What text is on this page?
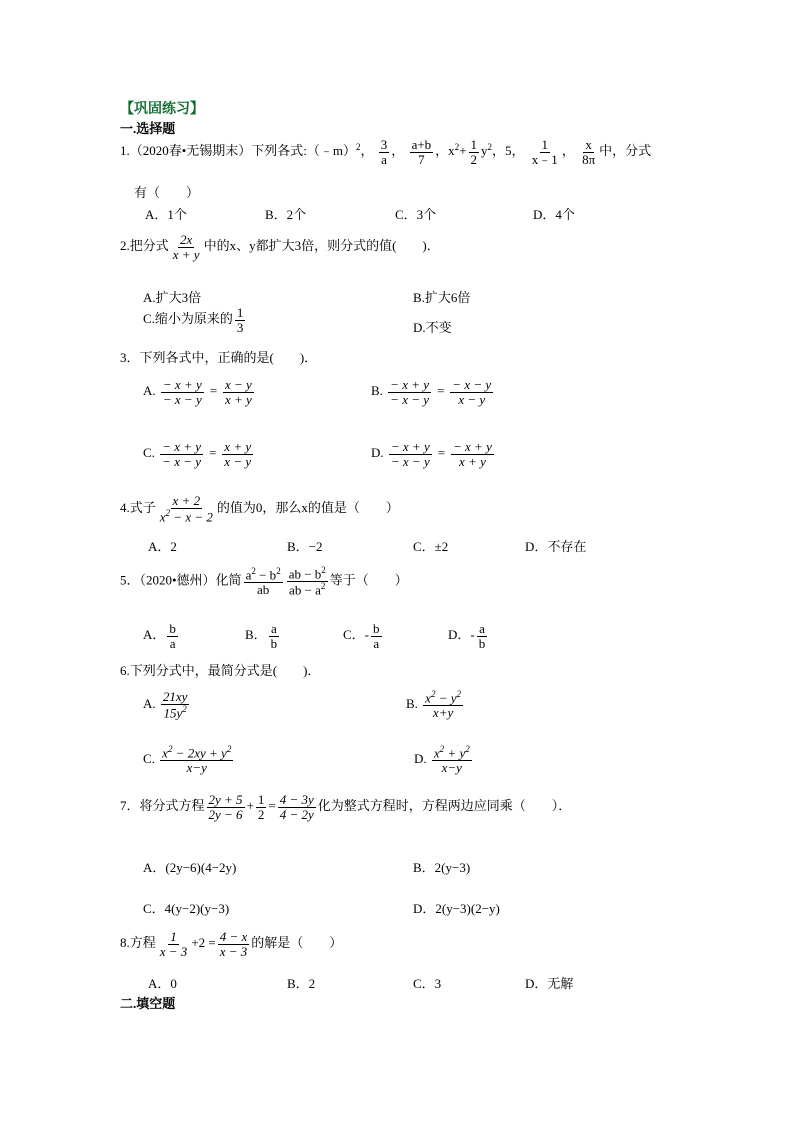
【巩固练习】
一.选择题
1.（2020春•无锡期末）下列各式:（﹣m）$^2$， $\frac{3}{a}$ ， $\frac{a+b}{7}$ ，$x^2+ \frac{1}{2} y^2$，5， $\frac{1}{x﹣1}$ ， $\frac{x}{8\pi}$ 中，分式
有（　　）
A．1个	B．2个	C．3个	D．4个
2.把分式 $\frac{2x}{x + y}$ 中的x、y都扩大3倍，则分式的值(　　)．
A.扩大3倍	B.扩大6倍
C.缩小为原来的 $\frac{1}{3}$	D.不变
3．下列各式中，正确的是(　　)．
A. $\frac{- x + y}{- x - y} = \frac{x - y}{x + y}$	B. $\frac{- x + y}{- x - y} = \frac{- x - y}{x - y}$
C. $\frac{- x + y}{- x - y} = \frac{x + y}{x - y}$	D. $\frac{- x + y}{- x - y} = \frac{- x + y}{x + y}$
4.式子 $\frac{x + 2}{x^2 - x - 2}$ 的值为0，那么x的值是（　　）
A．2	B．−2	C．±2	D．不存在
5．（2020•德州）化简 $\frac{a^2 - b^2}{ab} \frac{ab - b^2}{ab - a^2}$ 等于（　　）
A． $\frac{b}{a}$	B． $\frac{a}{b}$	C．- $\frac{b}{a}$	D．- $\frac{a}{b}$
6.下列分式中，最简分式是(　　)．
A. $\frac{21xy}{15y^2}$	B. $\frac{x^2 - y^2}{x+y}$
C. $\frac{x^2 - 2xy + y^2}{x-y}$	D. $\frac{x^2 + y^2}{x-y}$
7．将分式方程 $\frac{2y + 5}{2y - 6} + \frac{1}{2} = \frac{4 - 3y}{4 - 2y}$ 化为整式方程时，方程两边应同乘（　　）．
A．(2y−6)(4−2y)	B．2(y−3)
C．4(y−2)(y−3)	D．2(y−3)(2−y)
8.方程 $\frac{1}{x - 3} +2 = \frac{4 - x}{x - 3}$ 的解是（　　）
A．0	B．2	C．3	D．无解
二.填空题
